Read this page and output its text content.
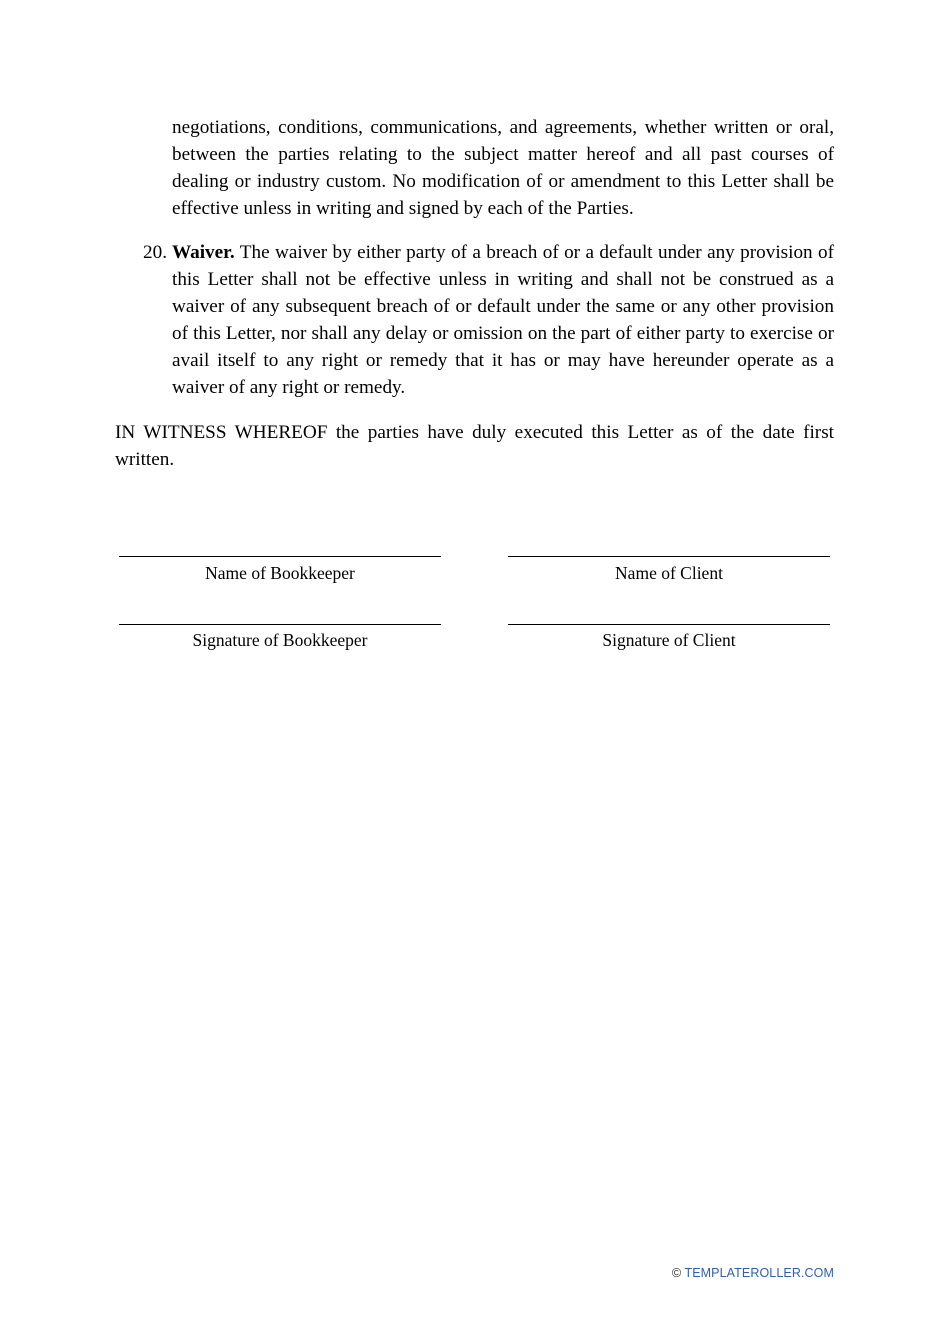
negotiations, conditions, communications, and agreements, whether written or oral, between the parties relating to the subject matter hereof and all past courses of dealing or industry custom. No modification of or amendment to this Letter shall be effective unless in writing and signed by each of the Parties.

20. Waiver. The waiver by either party of a breach of or a default under any provision of this Letter shall not be effective unless in writing and shall not be construed as a waiver of any subsequent breach of or default under the same or any other provision of this Letter, nor shall any delay or omission on the part of either party to exercise or avail itself to any right or remedy that it has or may have hereunder operate as a waiver of any right or remedy.

IN WITNESS WHEREOF the parties have duly executed this Letter as of the date first written.

Name of Bookkeeper	Name of Client
Signature of Bookkeeper	Signature of Client
© TEMPLATEROLLER.COM
